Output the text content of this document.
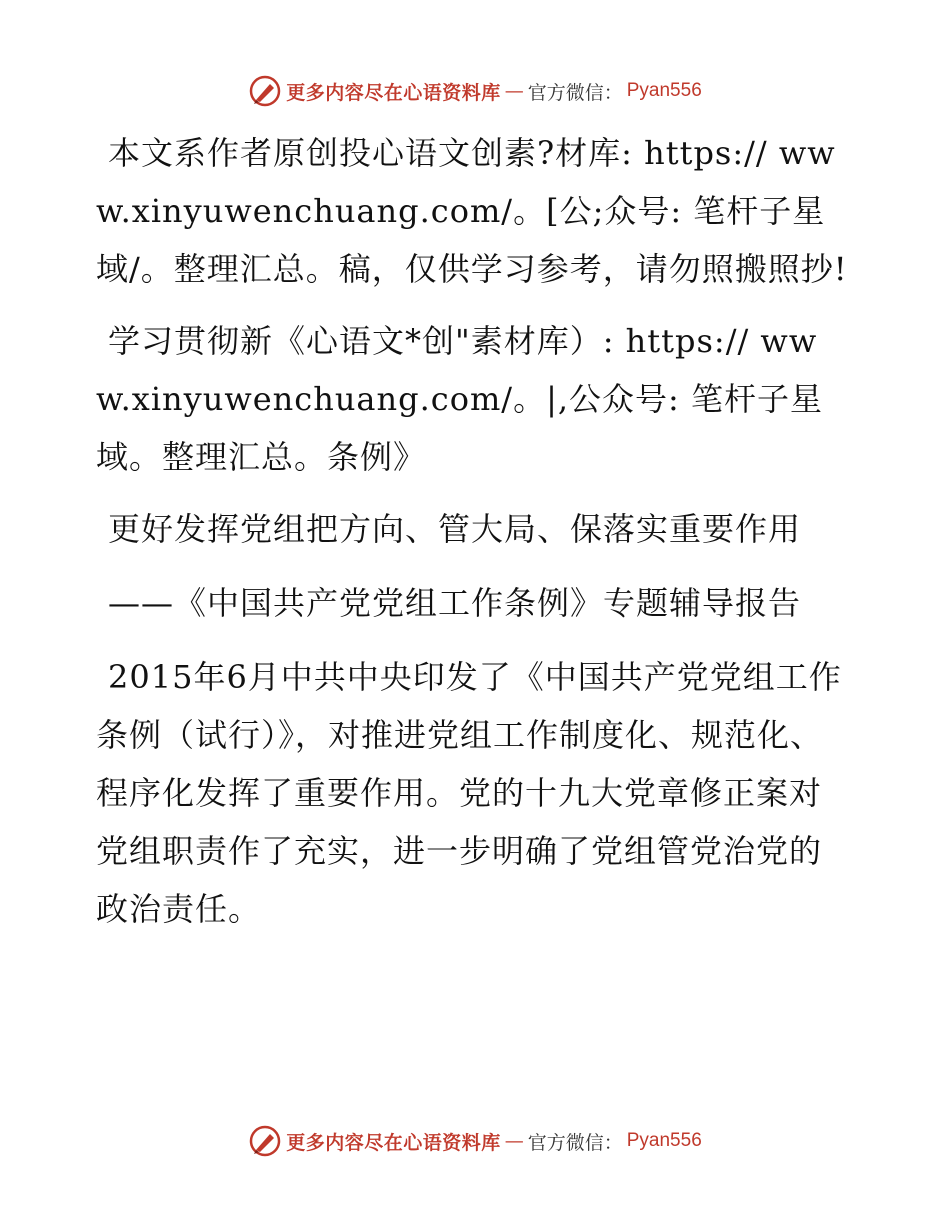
更多内容尽在心语资料库 — 官方微信： Pyan556

本文系作者原创投心语文创素?材库: https:// www.xinyuwenchuang.com/。[公;众号: 笔杆子星域/。整理汇总。稿，仅供学习参考，请勿照搬照抄!

学习贯彻新《心语文*创"素材库）: https:// www.xinyuwenchuang.com/。|,公众号: 笔杆子星域。整理汇总。条例》

更好发挥党组把方向、管大局、保落实重要作用

——《中国共产党党组工作条例》专题辅导报告

2015年6月中共中央印发了《中国共产党党组工作条例（试行）》，对推进党组工作制度化、规范化、程序化发挥了重要作用。党的十九大党章修正案对党组职责作了充实，进一步明确了党组管党治党的政治责任。

更多内容尽在心语资料库 — 官方微信： Pyan556
